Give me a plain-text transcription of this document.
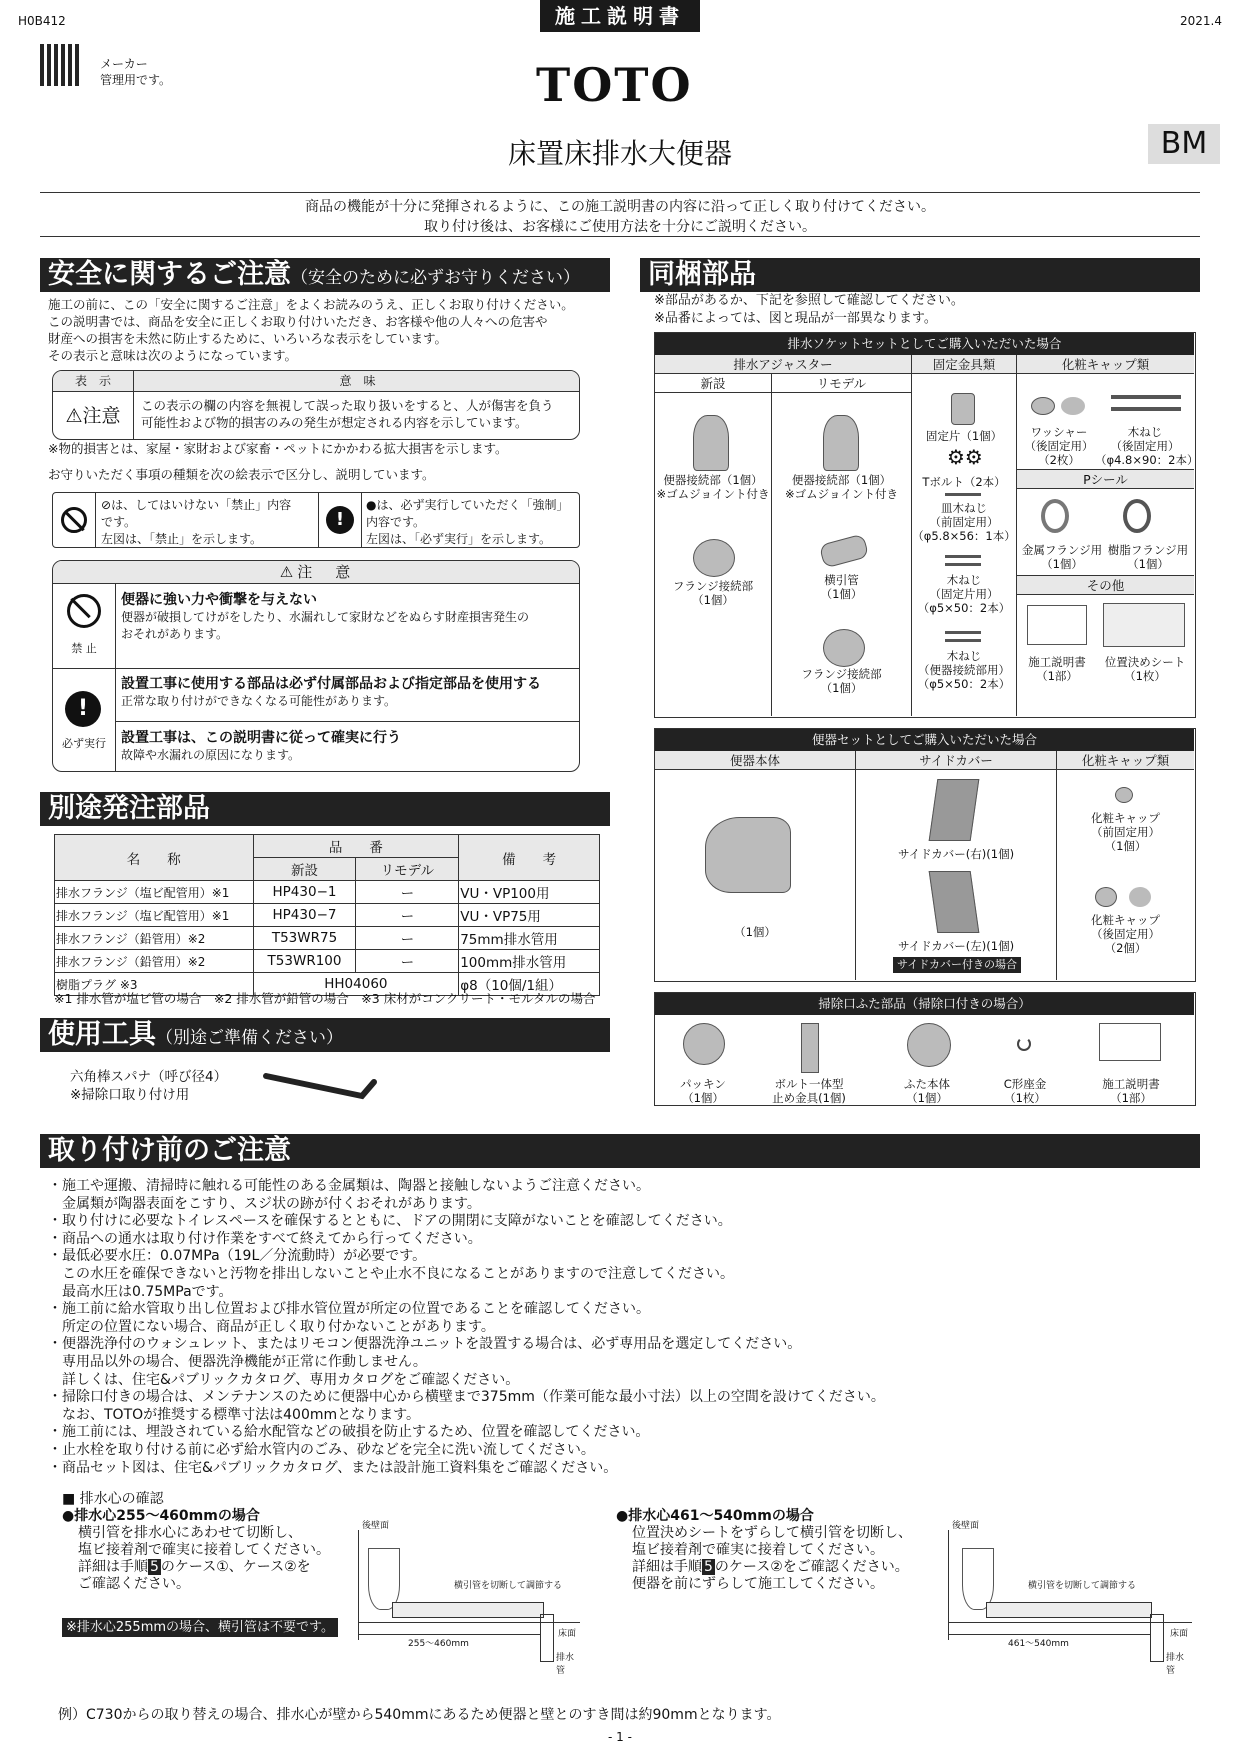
施工説明書
H0B412	2021.4
メーカー
管理用です。	TOTO
床置床排水大便器	BM
商品の機能が十分に発揮されるように、この施工説明書の内容に沿って正しく取り付けてください。
取り付け後は、お客様にご使用方法を十分にご説明ください。
安全に関するご注意（安全のために必ずお守りください）
施工の前に、この「安全に関するご注意」をよくお読みのうえ、正しくお取り付けください。
この説明書では、商品を安全に正しくお取り付けいただき、お客様や他の人々への危害や
財産への損害を未然に防止するために、いろいろな表示をしています。
その表示と意味は次のようになっています。
表　示	意　味
⚠注意	この表示の欄の内容を無視して誤った取り扱いをすると、人が傷害を負う
可能性および物的損害のみの発生が想定される内容を示しています。
※物的損害とは、家屋・家財および家畜・ペットにかかわる拡大損害を示します。
お守りいただく事項の種類を次の絵表示で区分し、説明しています。
⊘は、してはいけない「禁止」内容
です。
左図は、「禁止」を示します。
!
●は、必ず実行していただく「強制」
内容です。
左図は、「必ず実行」を示します。
⚠注　意
禁 止
便器に強い力や衝撃を与えない
便器が破損してけがをしたり、水漏れして家財などをぬらす財産損害発生の
おそれがあります。
!
必ず実行
設置工事に使用する部品は必ず付属部品および指定部品を使用する
正常な取り付けができなくなる可能性があります。
設置工事は、この説明書に従って確実に行う
故障や水漏れの原因になります。
別途発注部品
名　　称	品　　番		備　　考
	新設	リモデル	
排水フランジ（塩ビ配管用）※1	HP430−1	ー	VU・VP100用
排水フランジ（塩ビ配管用）※1	HP430−7	ー	VU・VP75用
排水フランジ（鉛管用）※2	T53WR75	ー	75mm排水管用
排水フランジ（鉛管用）※2	T53WR100	ー	100mm排水管用
樹脂プラグ ※3	HH04060		φ8（10個/1組）
※1 排水管が塩ビ管の場合　※2 排水管が鉛管の場合　※3 床材がコンクリート・モルタルの場合
使用工具（別途ご準備ください）
六角棒スパナ（呼び径4）
※掃除口取り付け用
同梱部品
※部品があるか、下記を参照して確認してください。
※品番によっては、図と現品が一部異なります。
排水ソケットセットとしてご購入いただいた場合
排水アジャスター	固定金具類	化粧キャップ類
新設	リモデル
便器接続部（1個）
※ゴムジョイント付き
フランジ接続部
（1個）
便器接続部（1個）
※ゴムジョイント付き
横引管
（1個）
フランジ接続部
（1個）
固定片（1個）
⚙⚙
Tボルト（2本）
皿木ねじ
（前固定用）
（φ5.8×56：1本）
木ねじ
（固定片用）
（φ5×50：2本）
木ねじ
（便器接続部用）
（φ5×50：2本）
ワッシャー
（後固定用）
（2枚）
木ねじ
（後固定用）
（φ4.8×90：2本）
Pシール
金属フランジ用
（1個）
樹脂フランジ用
（1個）
その他
施工説明書
（1部）
位置決めシート
（1枚）
便器セットとしてご購入いただいた場合
便器本体	サイドカバー	化粧キャップ類
（1個）
サイドカバー(右)(1個)
サイドカバー(左)(1個)
サイドカバー付きの場合
化粧キャップ
（前固定用）
（1個）
化粧キャップ
（後固定用）
（2個）
掃除口ふた部品（掃除口付きの場合）
パッキン
（1個）
ボルト一体型
止め金具(1個)
ふた本体
（1個）
C形座金
（1枚）
施工説明書
（1部）
取り付け前のご注意
・施工や運搬、清掃時に触れる可能性のある金属類は、陶器と接触しないようご注意ください。
　金属類が陶器表面をこすり、スジ状の跡が付くおそれがあります。
・取り付けに必要なトイレスペースを確保するとともに、ドアの開閉に支障がないことを確認してください。
・商品への通水は取り付け作業をすべて終えてから行ってください。
・最低必要水圧：0.07MPa（19L／分流動時）が必要です。
　この水圧を確保できないと汚物を排出しないことや止水不良になることがありますので注意してください。
　最高水圧は0.75MPaです。
・施工前に給水管取り出し位置および排水管位置が所定の位置であることを確認してください。
　所定の位置にない場合、商品が正しく取り付かないことがあります。
・便器洗浄付のウォシュレット、またはリモコン便器洗浄ユニットを設置する場合は、必ず専用品を選定してください。
　専用品以外の場合、便器洗浄機能が正常に作動しません。
　詳しくは、住宅&パブリックカタログ、専用カタログをご確認ください。
・掃除口付きの場合は、メンテナンスのために便器中心から横壁まで375mm（作業可能な最小寸法）以上の空間を設けてください。
　なお、TOTOが推奨する標準寸法は400mmとなります。
・施工前には、埋設されている給水配管などの破損を防止するため、位置を確認してください。
・止水栓を取り付ける前に必ず給水管内のごみ、砂などを完全に洗い流してください。
・商品セット図は、住宅&パブリックカタログ、または設計施工資料集をご確認ください。
■ 排水心の確認
●排水心255～460mmの場合
横引管を排水心にあわせて切断し、
塩ビ接着剤で確実に接着してください。
詳細は手順 5 のケース①、ケース②を
ご確認ください。
※排水心255mmの場合、横引管は不要です。
後壁面
横引管を切断して調節する
床面
排水管
255～460mm
●排水心461～540mmの場合
位置決めシートをずらして横引管を切断し、
塩ビ接着剤で確実に接着してください。
詳細は手順 5 のケース②をご確認ください。
便器を前にずらして施工してください。
後壁面
横引管を切断して調節する
床面
排水管
461～540mm
例）C730からの取り替えの場合、排水心が壁から540mmにあるため便器と壁とのすき間は約90mmとなります。
- 1 -
